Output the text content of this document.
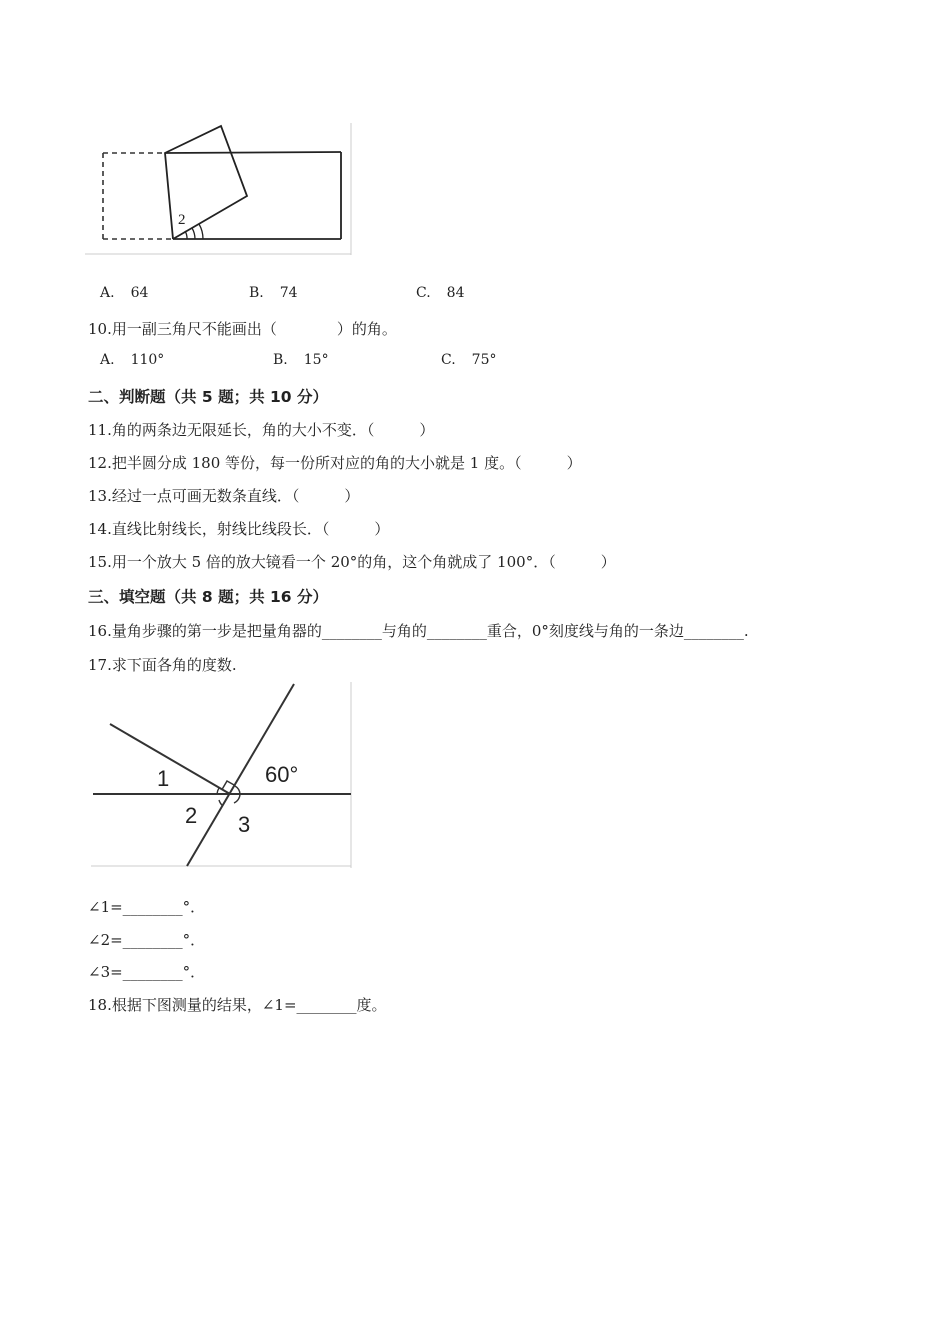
2
A. 64	B. 74	C. 84
10.用一副三角尺不能画出（　　　　）的角。
A. 110°	B. 15°	C. 75°
二、判断题（共 5 题；共 10 分）
11.角的两条边无限延长，角的大小不变．（　　　）
12.把半圆分成 180 等份，每一份所对应的角的大小就是 1 度。（　　　）
13.经过一点可画无数条直线．（　　　）
14.直线比射线长，射线比线段长．（　　　）
15.用一个放大 5 倍的放大镜看一个 20°的角，这个角就成了 100°．（　　　）
三、填空题（共 8 题；共 16 分）
16.量角步骤的第一步是把量角器的________与角的________重合，0°刻度线与角的一条边________.
17.求下面各角的度数.
1
2 3
60°
∠1=________°．
∠2=________°．
∠3=________°．
18.根据下图测量的结果，∠1=________度。
